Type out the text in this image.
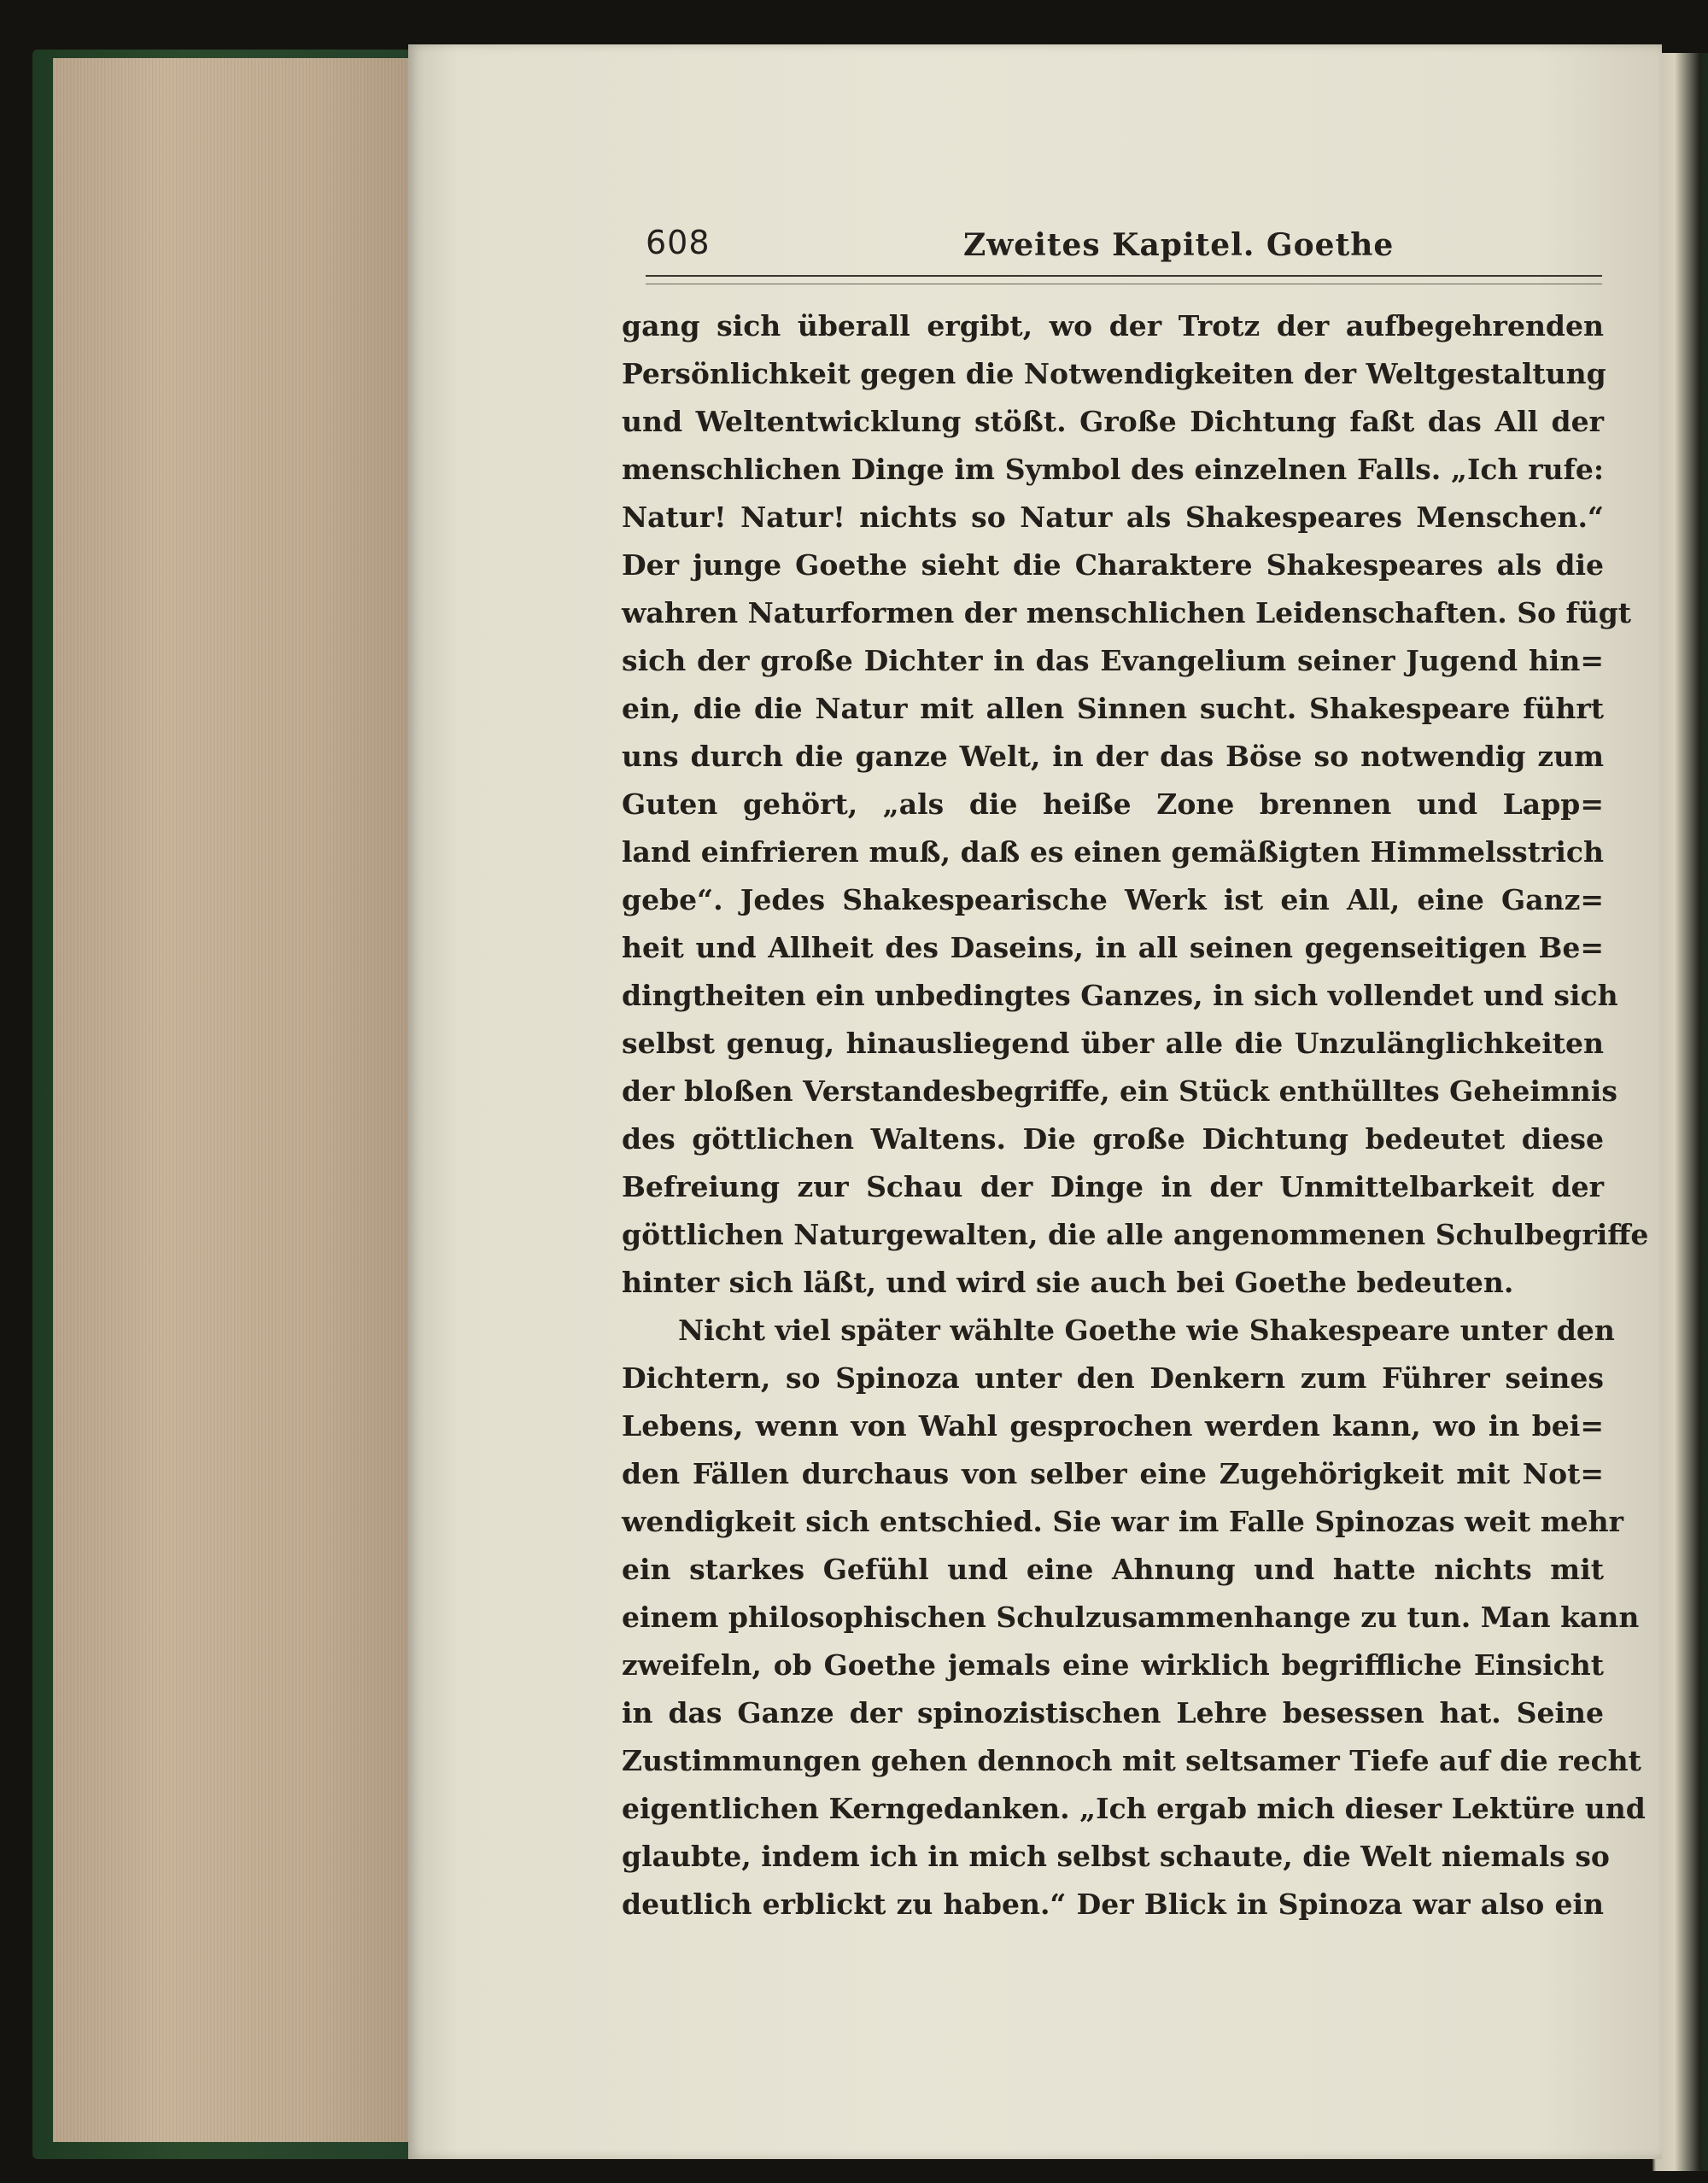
608	Zweites Kapitel. Goethe
gang sich überall ergibt, wo der Trotz der aufbegehrenden
Persönlichkeit gegen die Notwendigkeiten der Weltgestaltung
und Weltentwicklung stößt. Große Dichtung faßt das All der
menschlichen Dinge im Symbol des einzelnen Falls. „Ich rufe:
Natur! Natur! nichts so Natur als Shakespeares Menschen.“
Der junge Goethe sieht die Charaktere Shakespeares als die
wahren Naturformen der menschlichen Leidenschaften. So fügt
sich der große Dichter in das Evangelium seiner Jugend hin=
ein, die die Natur mit allen Sinnen sucht. Shakespeare führt
uns durch die ganze Welt, in der das Böse so notwendig zum
Guten gehört, „als die heiße Zone brennen und Lapp=
land einfrieren muß, daß es einen gemäßigten Himmelsstrich
gebe“. Jedes Shakespearische Werk ist ein All, eine Ganz=
heit und Allheit des Daseins, in all seinen gegenseitigen Be=
dingtheiten ein unbedingtes Ganzes, in sich vollendet und sich
selbst genug, hinausliegend über alle die Unzulänglichkeiten
der bloßen Verstandesbegriffe, ein Stück enthülltes Geheimnis
des göttlichen Waltens. Die große Dichtung bedeutet diese
Befreiung zur Schau der Dinge in der Unmittelbarkeit der
göttlichen Naturgewalten, die alle angenommenen Schulbegriffe
hinter sich läßt, und wird sie auch bei Goethe bedeuten.
Nicht viel später wählte Goethe wie Shakespeare unter den
Dichtern, so Spinoza unter den Denkern zum Führer seines
Lebens, wenn von Wahl gesprochen werden kann, wo in bei=
den Fällen durchaus von selber eine Zugehörigkeit mit Not=
wendigkeit sich entschied. Sie war im Falle Spinozas weit mehr
ein starkes Gefühl und eine Ahnung und hatte nichts mit
einem philosophischen Schulzusammenhange zu tun. Man kann
zweifeln, ob Goethe jemals eine wirklich begriffliche Einsicht
in das Ganze der spinozistischen Lehre besessen hat. Seine
Zustimmungen gehen dennoch mit seltsamer Tiefe auf die recht
eigentlichen Kerngedanken. „Ich ergab mich dieser Lektüre und
glaubte, indem ich in mich selbst schaute, die Welt niemals so
deutlich erblickt zu haben.“ Der Blick in Spinoza war also ein
